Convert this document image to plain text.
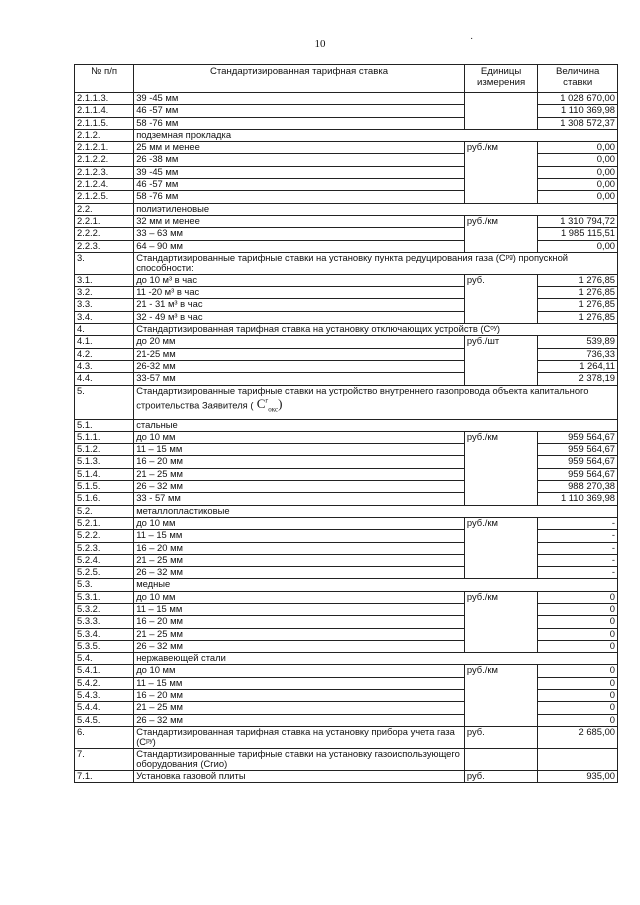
10	·
№ п/п	Стандартизированная тарифная ставка	Единицы измерения	Величина ставки
2.1.1.3.	39 -45 мм		1 028 670,00
2.1.1.4.	46 -57 мм		1 110 369,98
2.1.1.5.	58 -76 мм		1 308 572,37
2.1.2.	подземная прокладка		
2.1.2.1.	25 мм и менее	руб./км	0,00
2.1.2.2.	26 -38 мм		0,00
2.1.2.3.	39 -45 мм		0,00
2.1.2.4.	46 -57 мм		0,00
2.1.2.5.	58 -76 мм		0,00
2.2.	полиэтиленовые		
2.2.1.	32 мм и менее	руб./км	1 310 794,72
2.2.2.	33 – 63 мм		1 985 115,51
2.2.3.	64 – 90 мм		0,00
3.	Стандартизированные тарифные ставки на установку пункта редуцирования газа (Cᵖᵍ) пропускной способности:		
3.1.	до 10 м³ в час	руб.	1 276,85
3.2.	11 -20 м³ в час		1 276,85
3.3.	21 - 31 м³ в час		1 276,85
3.4.	32 - 49 м³ в час		1 276,85
4.	Стандартизированная тарифная ставка на установку отключающих устройств (Cᵒʸ)		
4.1.	до 20 мм	руб./шт	539,89
4.2.	21-25 мм		736,33
4.3.	26-32 мм		1 264,11
4.4.	33-57 мм		2 378,19
5.	Стандартизированные тарифные ставки на устройство внутреннего газопровода объекта капитального строительства Заявителя ( $C^г_{окс}$)		
5.1.	стальные		
5.1.1.	до 10 мм	руб./км	959 564,67
5.1.2.	11 – 15 мм		959 564,67
5.1.3.	16 – 20 мм		959 564,67
5.1.4.	21 – 25 мм		959 564,67
5.1.5.	26 – 32 мм		988 270,38
5.1.6.	33 - 57 мм		1 110 369,98
5.2.	металлопластиковые		
5.2.1.	до 10 мм	руб./км	-
5.2.2.	11 – 15 мм		-
5.2.3.	16 – 20 мм		-
5.2.4.	21 – 25 мм		-
5.2.5.	26 – 32 мм		-
5.3.	медные		
5.3.1.	до 10 мм	руб./км	0
5.3.2.	11 – 15 мм		0
5.3.3.	16 – 20 мм		0
5.3.4.	21 – 25 мм		0
5.3.5.	26 – 32 мм		0
5.4.	нержавеющей стали		
5.4.1.	до 10 мм	руб./км	0
5.4.2.	11 – 15 мм		0
5.4.3.	16 – 20 мм		0
5.4.4.	21 – 25 мм		0
5.4.5.	26 – 32 мм		0
6.	Стандартизированная тарифная ставка на установку прибора учета газа (Cᵖʸ)	руб.	2 685,00
7.	Стандартизированные тарифные ставки на установку газоиспользующего оборудования (Сгио)		
7.1.	Установка газовой плиты	руб.	935,00
